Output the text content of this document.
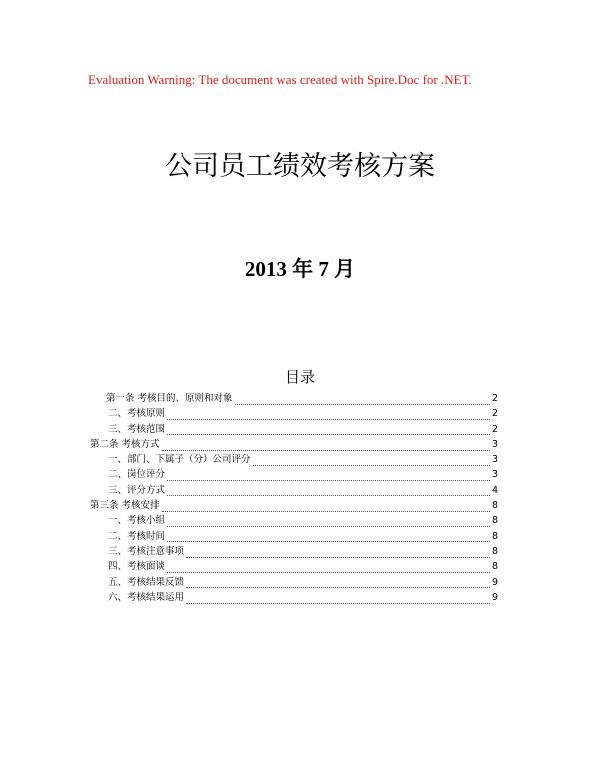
Evaluation Warning: The document was created with Spire.Doc for .NET.
公司员工绩效考核方案
2013 年 7 月
目录
第一条 考核目的、原则和对象	2
二、考核原则	2
三、考核范围	2
第二条 考核方式	3
一、部门、下属子（分）公司评分	3
二、岗位评分	3
三、评分方式	4
第三条 考核安排	8
一、考核小组	8
二、考核时间	8
三、考核注意事项	8
四、考核面谈	8
五、考核结果反馈	9
六、考核结果运用	9
